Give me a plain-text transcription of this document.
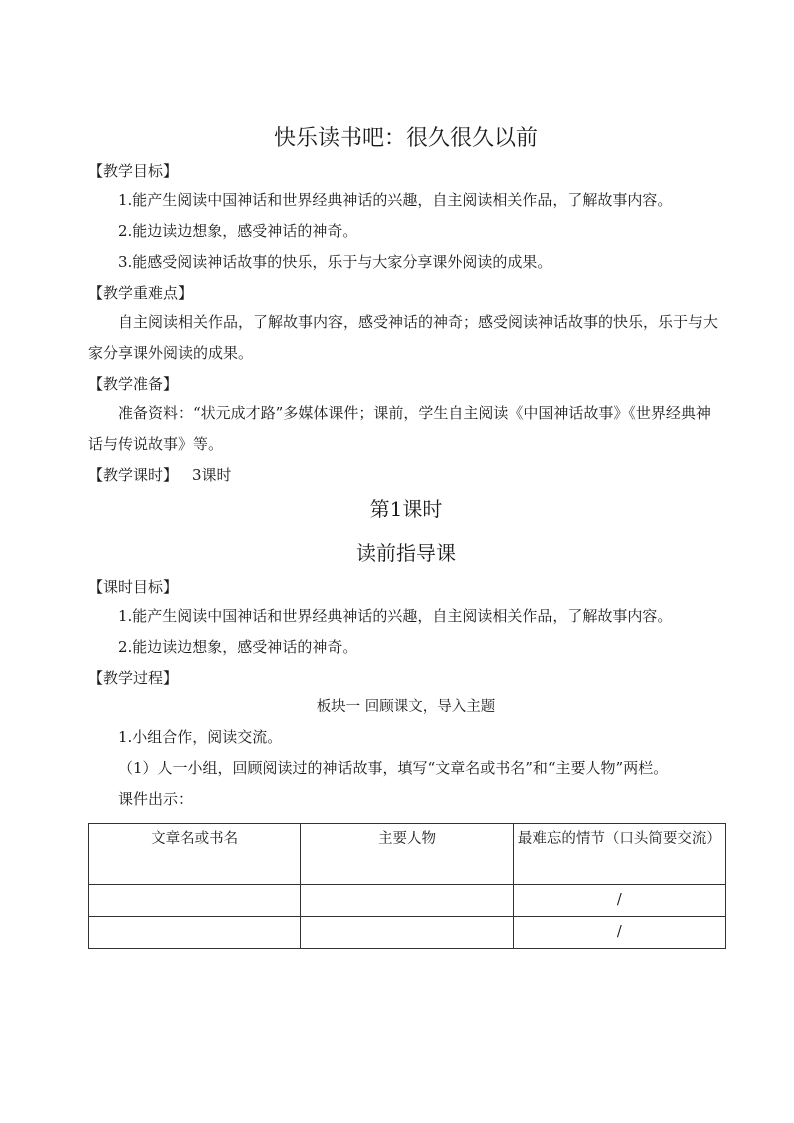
快乐读书吧：很久很久以前
【教学目标】

1.能产生阅读中国神话和世界经典神话的兴趣，自主阅读相关作品，了解故事内容。

2.能边读边想象，感受神话的神奇。

3.能感受阅读神话故事的快乐，乐于与大家分享课外阅读的成果。

【教学重难点】

自主阅读相关作品，了解故事内容，感受神话的神奇；感受阅读神话故事的快乐，乐于与大家分享课外阅读的成果。

【教学准备】

准备资料：“状元成才路”多媒体课件；课前，学生自主阅读《中国神话故事》《世界经典神话与传说故事》等。

【教学课时】 3课时
第1课时
读前指导课
【课时目标】

1.能产生阅读中国神话和世界经典神话的兴趣，自主阅读相关作品，了解故事内容。

2.能边读边想象，感受神话的神奇。

【教学过程】

板块一 回顾课文，导入主题

1.小组合作，阅读交流。

（1）人一小组，回顾阅读过的神话故事，填写“文章名或书名”和“主要人物”两栏。

课件出示：

文章名或书名	主要人物	最难忘的情节（口头简要交流）
		/
		/
